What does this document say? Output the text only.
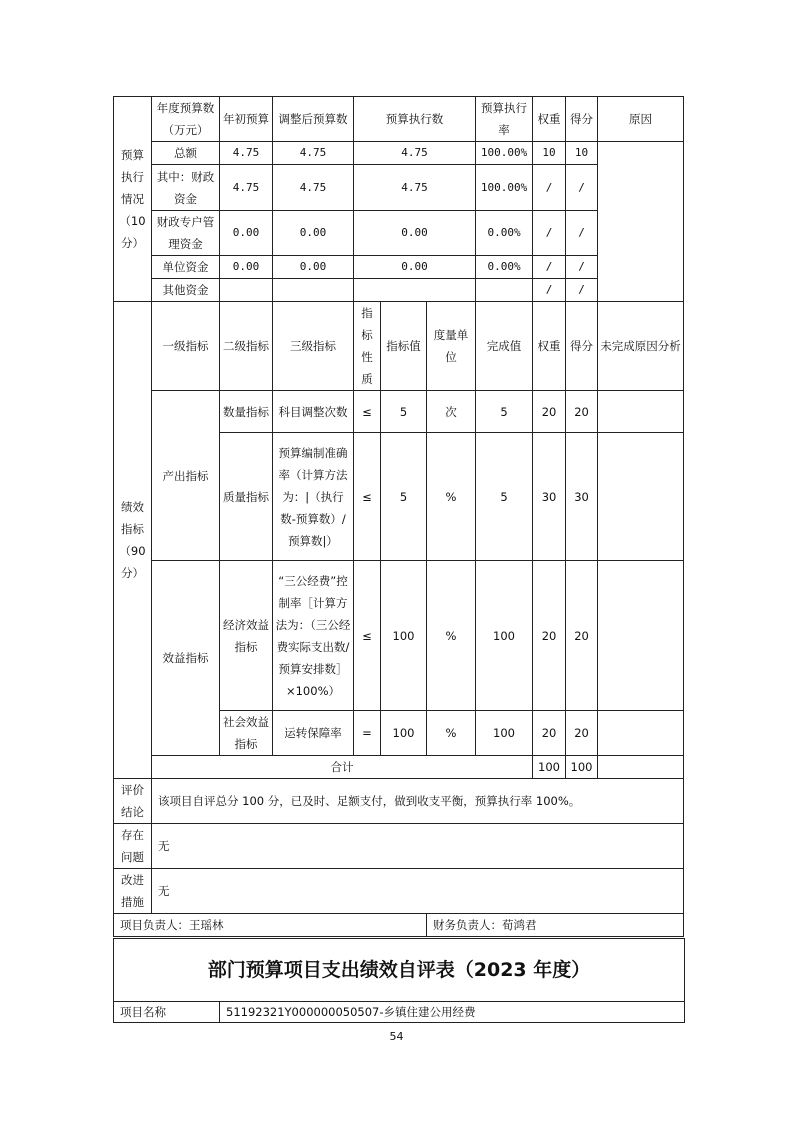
预算执行情况（10分）	年度预算数（万元）	年初预算	调整后预算数	预算执行数			预算执行率	权重	得分	原因
	总额	4.75	4.75	4.75			100.00%	10	10	
	其中：财政资金	4.75	4.75	4.75			100.00%	/	/	
	财政专户管理资金	0.00	0.00	0.00			0.00%	/	/	
	单位资金	0.00	0.00	0.00			0.00%	/	/	
	其他资金							/	/	
绩效指标（90分）	一级指标	二级指标	三级指标	指标性质	指标值	度量单位	完成值	权重	得分	未完成原因分析
	产出指标	数量指标	科目调整次数	≤	5	次	5	20	20	
		质量指标	预算编制准确率（计算方法为：|（执行数-预算数）/预算数|）	≤	5	%	5	30	30	
	效益指标	经济效益指标	“三公经费”控制率［计算方法为：（三公经费实际支出数/预算安排数］×100%）	≤	100	%	100	20	20	
		社会效益指标	运转保障率	=	100	%	100	20	20	
	合计							100	100	
评价结论	该项目自评总分 100 分，已及时、足额支付，做到收支平衡，预算执行率 100%。									
存在问题	无									
改进措施	无									
项目负责人：王瑶林						财务负责人：荀鸿君				
部门预算项目支出绩效自评表（2023 年度）
项目名称	51192321Y000000050507-乡镇住建公用经费
54
